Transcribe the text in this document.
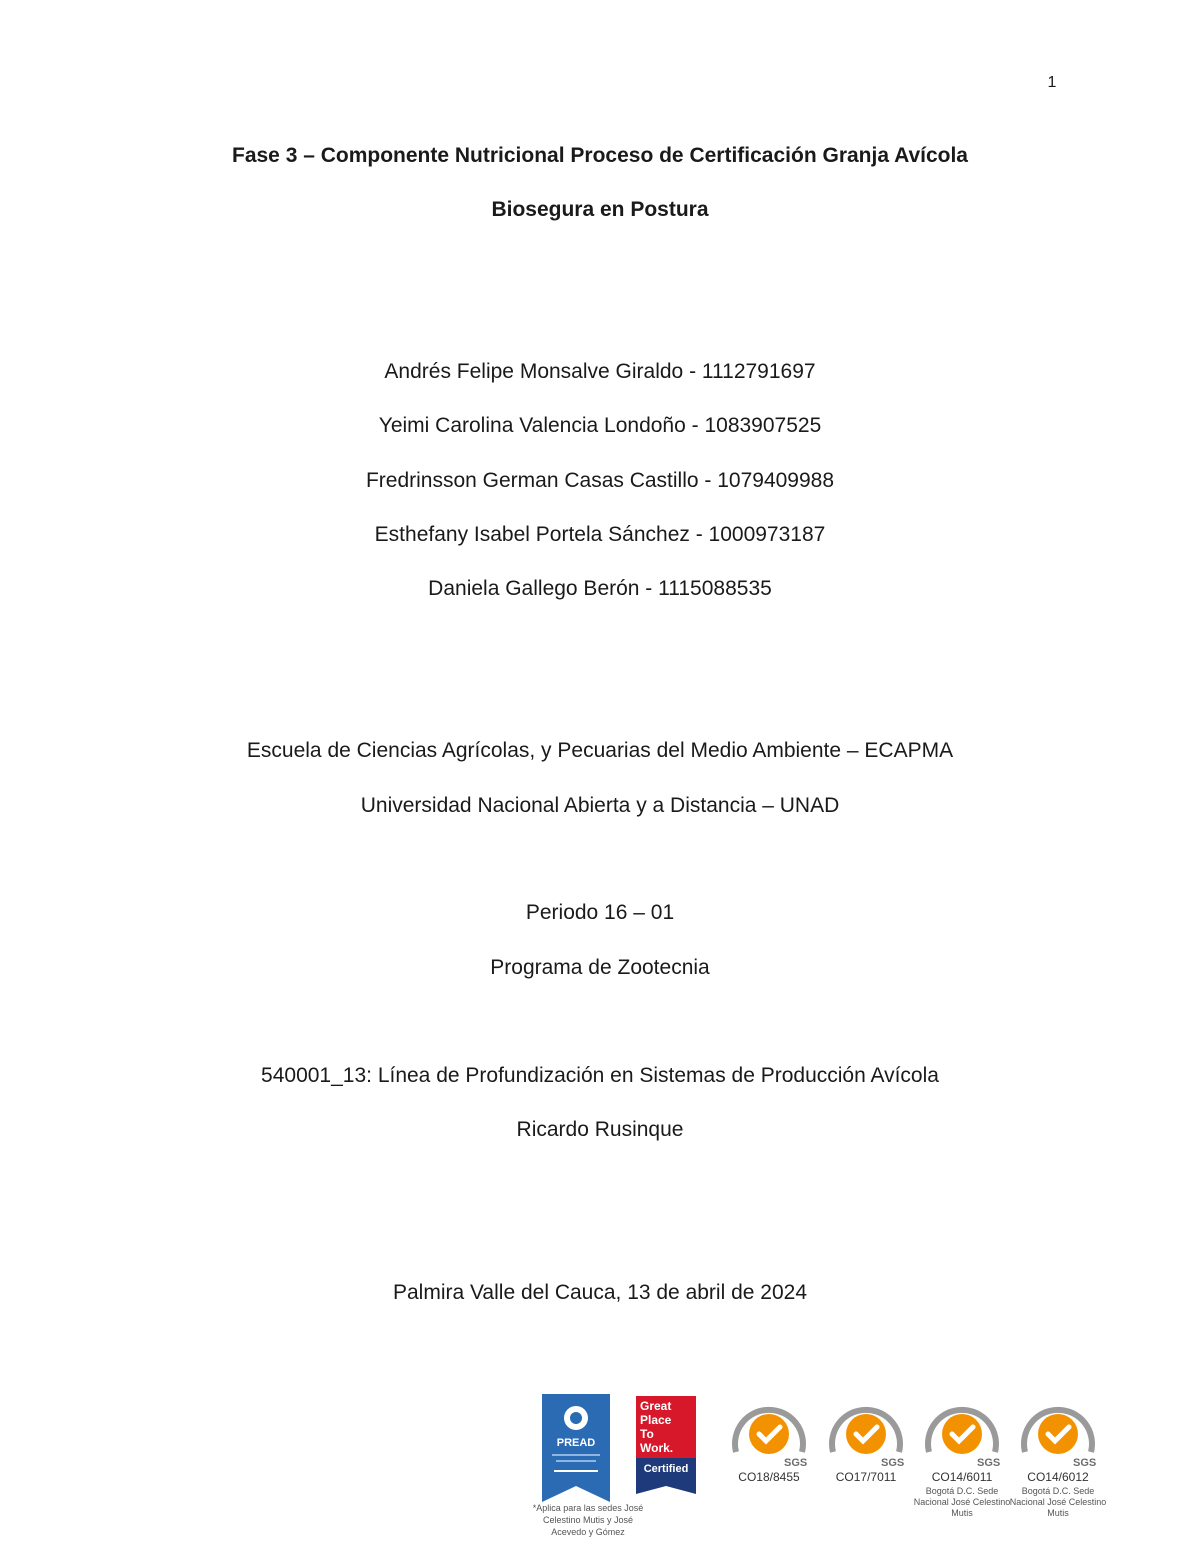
1
Fase 3 – Componente Nutricional Proceso de Certificación Granja Avícola
Biosegura en Postura
Andrés Felipe Monsalve Giraldo - 1112791697
Yeimi Carolina Valencia Londoño - 1083907525
Fredrinsson German Casas Castillo - 1079409988
Esthefany Isabel Portela Sánchez - 1000973187
Daniela Gallego Berón - 1115088535
Escuela de Ciencias Agrícolas, y Pecuarias del Medio Ambiente – ECAPMA
Universidad Nacional Abierta y a Distancia – UNAD
Periodo 16 – 01
Programa de Zootecnia
540001_13: Línea de Profundización en Sistemas de Producción Avícola
Ricardo Rusinque
Palmira Valle del Cauca, 13 de abril de 2024
PREAD
*Aplica para las sedes José Celestino Mutis y José Acevedo y Gómez
Great
Place
To
Work.
Certified	SGS
CO18/8455
SGS
CO17/7011
SGS
CO14/6011
Bogotá D.C. Sede Nacional José Celestino Mutis
SGS
CO14/6012
Bogotá D.C. Sede Nacional José Celestino Mutis
